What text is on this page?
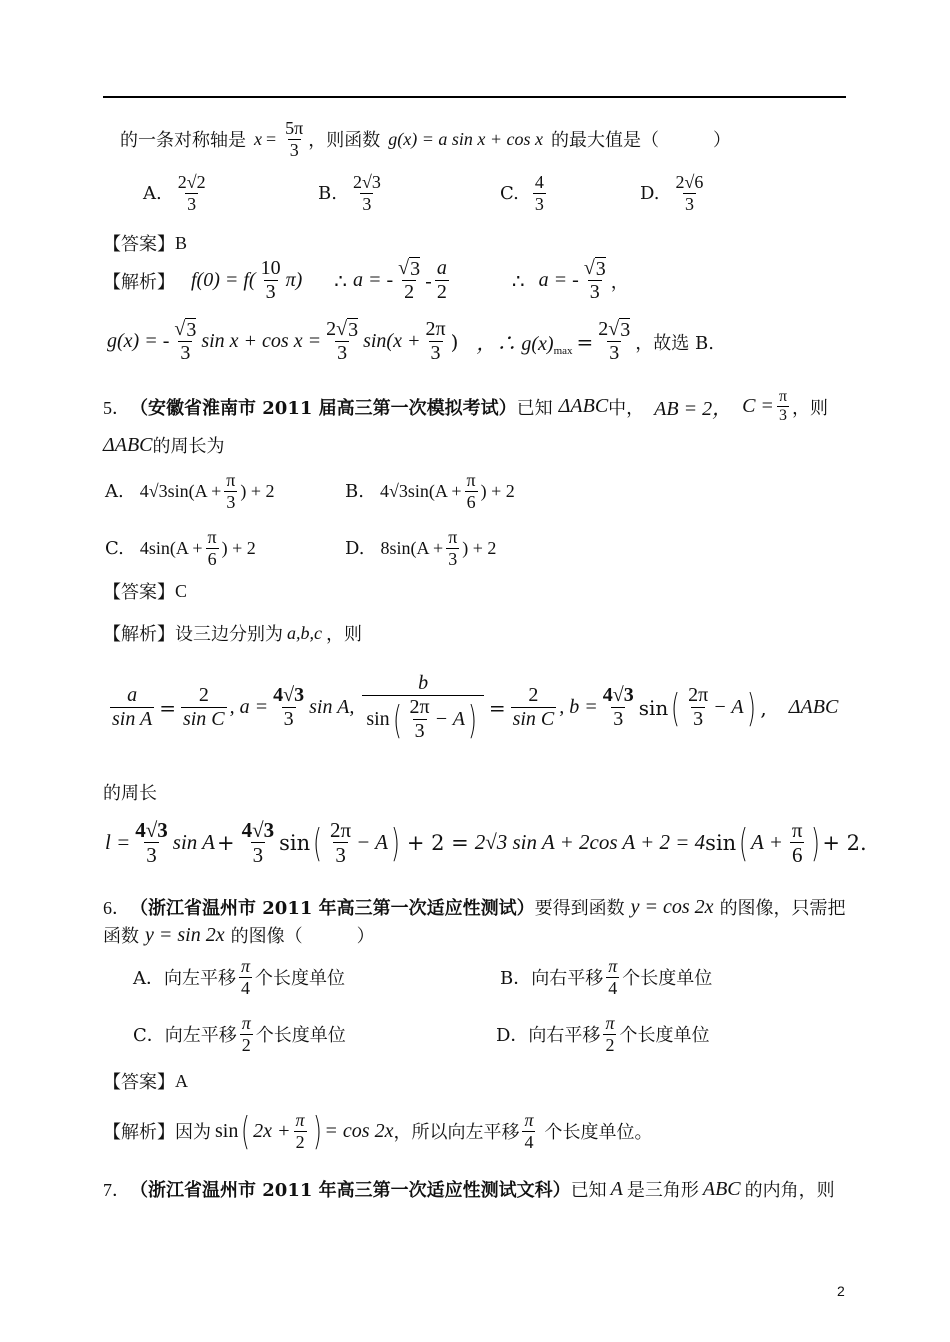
的一条对称轴是 $x = \frac{5\pi}{3}$ ，则函数 g(x) = a sin x + cos x 的最大值是（　　　）
A. $\frac{2√2}{3}$	B. $\frac{2√3}{3}$	C. $\frac{4}{3}$	D. $\frac{2√6}{3}$
【答案】 B
【解析】 $f(0) = f( \frac{10}{3} \pi)$ ∴ a = - $\frac{√ 3}{2} - \frac{a}{2}$	∴ a = - $\frac{√ 3}{3}$ ，
g(x) = - $\frac{√ 3}{3}$ $\sin x + \cos x = \frac{2 √ 3}{3} \sin(x + \frac{2\pi}{3}$ ) ，∴ g(x) $\max = \frac{2 √ 3}{3}$ ，故选 B.
5． （安徽省淮南市 2011 届高三第一次模拟考试） 已知 ΔABC 中， AB = 2， $C = \frac{\pi}{3}$ ，则
ΔABC 的周长为
A. 4√3 $\sin(A + \frac{\pi}{3}$ ) + 2	B. 4√3 $\sin(A + \frac{\pi}{6}$ ) + 2
C. 4 $\sin(A + \frac{\pi}{6}$ ) + 2	D. 8 $\sin(A + \frac{\pi}{3}$ ) + 2
【答案】 C
【解析】 设三边分别为 a,b,c ，则
$\frac{a}{\text{sin A}} = \frac{2}{\text{sin C}}$ , $a = \frac{4√3}{3}$ sin A, $\frac{b}{\sin ( \frac{2\pi}{3} - A )} = \frac{2}{\text{sin C}}$ , $b = \frac{4√3}{3}$ sin ( $\frac{2\pi}{3} - A$ ) , ΔABC
的周长
$l = \frac{4√3}{3}$ $\sin A + \frac{4√3}{3}$ sin ( $\frac{2\pi}{3} - A$ ) + 2 = 2√3 sin A + 2cos A + 2 = 4 sin ( $A + \frac{\pi}{6}$ ) + 2.
6． （浙江省温州市 2011 年高三第一次适应性测试） 要得到函数 y = cos 2x 的图像，只需把
函数 y = sin 2x 的图像（　　　）
A．向左 平移 $\frac{\pi}{4}$ 个长度单位	B．向右平移 $\frac{\pi}{4}$ 个长度单位
C．向左平移 $\frac{\pi}{2}$ 个长度单位	D．向右平移 $\frac{\pi}{2}$ 个长度单位
【答案】 A
【解析】 因为 sin ( $2x + \frac{\pi}{2}$ ) = cos 2x ，所以向左平移 $\frac{\pi}{4}$ 个长度单位。
7． （浙江省温州市 2011 年高三第一次适应性测试文科） 已知 A 是三角形 ABC 的内角，则
2
